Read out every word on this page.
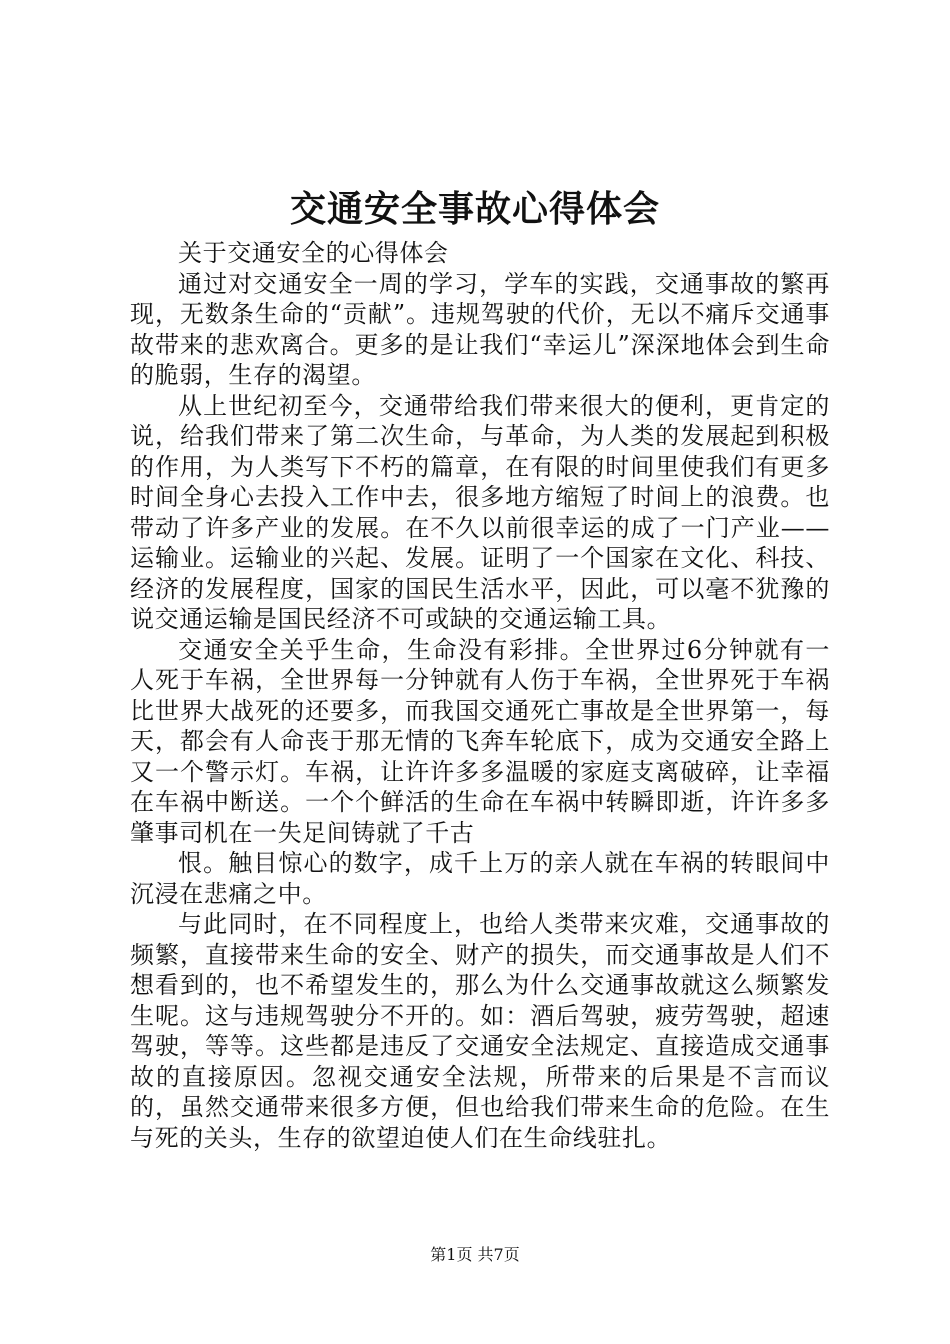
交通安全事故心得体会

关于交通安全的心得体会

通过对交通安全一周的学习，学车的实践，交通事故的繁再现，无数条生命的“贡献”。违规驾驶的代价，无以不痛斥交通事故带来的悲欢离合。更多的是让我们“幸运儿”深深地体会到生命的脆弱，生存的渴望。

从上世纪初至今，交通带给我们带来很大的便利，更肯定的说，给我们带来了第二次生命，与革命，为人类的发展起到积极的作用，为人类写下不朽的篇章，在有限的时间里使我们有更多时间全身心去投入工作中去，很多地方缩短了时间上的浪费。也带动了许多产业的发展。在不久以前很幸运的成了一门产业——运输业。运输业的兴起、发展。证明了一个国家在文化、科技、经济的发展程度，国家的国民生活水平，因此，可以毫不犹豫的说交通运输是国民经济不可或缺的交通运输工具。

交通安全关乎生命，生命没有彩排。全世界过6分钟就有一人死于车祸，全世界每一分钟就有人伤于车祸，全世界死于车祸比世界大战死的还要多，而我国交通死亡事故是全世界第一，每天，都会有人命丧于那无情的飞奔车轮底下，成为交通安全路上又一个警示灯。车祸，让许许多多温暖的家庭支离破碎，让幸福在车祸中断送。一个个鲜活的生命在车祸中转瞬即逝，许许多多肇事司机在一失足间铸就了千古

恨。触目惊心的数字，成千上万的亲人就在车祸的转眼间中沉浸在悲痛之中。

与此同时，在不同程度上，也给人类带来灾难，交通事故的频繁，直接带来生命的安全、财产的损失，而交通事故是人们不想看到的，也不希望发生的，那么为什么交通事故就这么频繁发生呢。这与违规驾驶分不开的。如：酒后驾驶，疲劳驾驶，超速驾驶，等等。这些都是违反了交通安全法规定、直接造成交通事故的直接原因。忽视交通安全法规，所带来的后果是不言而议的，虽然交通带来很多方便，但也给我们带来生命的危险。在生与死的关头，生存的欲望迫使人们在生命线驻扎。

第1页 共7页
